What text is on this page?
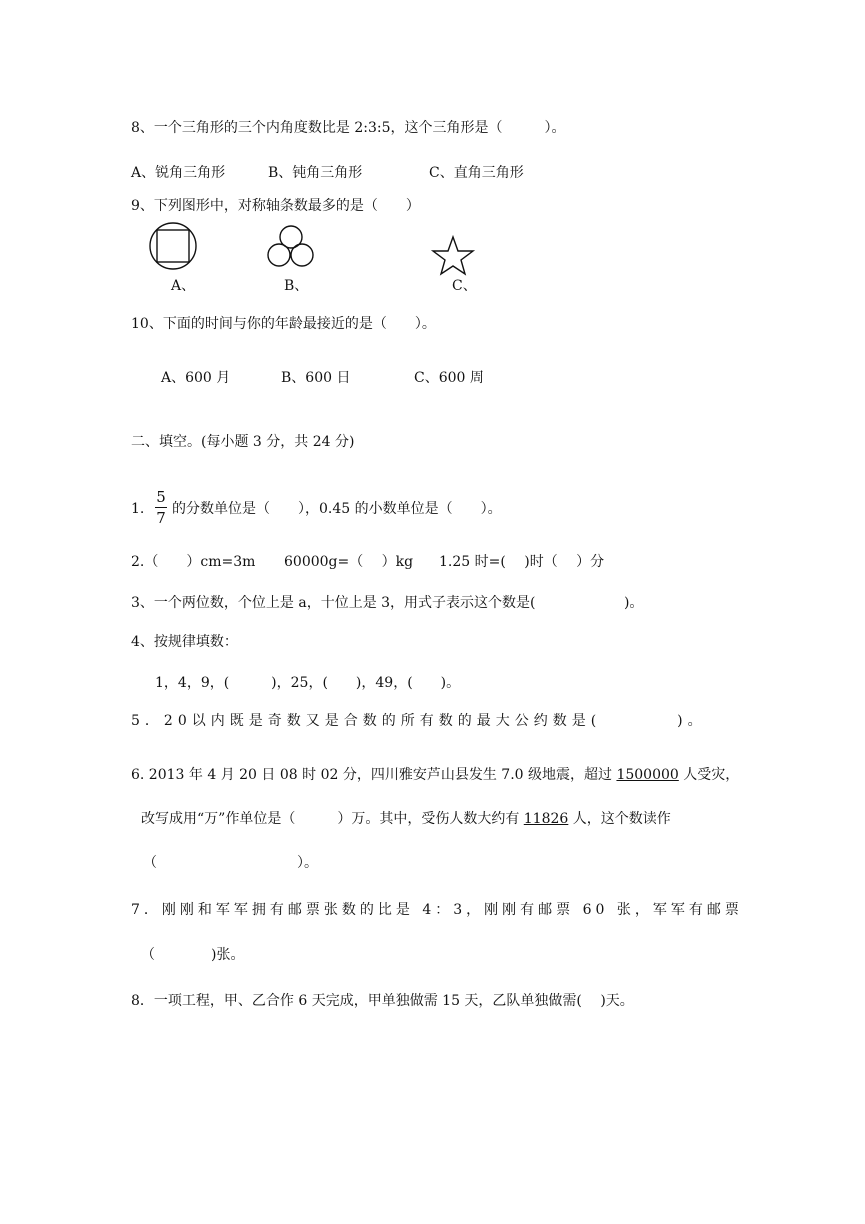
8、一个三角形的三个内角度数比是 2:3:5，这个三角形是（　　　）。
A、锐角三角形	B、钝角三角形	C、直角三角形
9、下列图形中，对称轴条数最多的是（　　）
A、	B、	C、
10、下面的时间与你的年龄最接近的是（　　）。
A、600 月	B、600 日	C、600 周
二、填空。(每小题 3 分，共 24 分)
1.
5
7 的分数单位是（　　），0.45 的小数单位是（　　）。
2.（　　）cm=3m 60000g=（　 ）kg 1.25 时=(　 )时（　 ）分
3、一个两位数，个位上是 a，十位上是 3，用式子表示这个数是(　　　　　　 )。
4、按规律填数：
1，4，9，(　　　)，25，(　　)，49，(　　)。
5．20以内既是奇数又是合数的所有数的最大公约数是(　　　　)。
6. 2013 年 4 月 20 日 08 时 02 分，四川雅安芦山县发生 7.0 级地震，超过 1500000 人受灾，
改写成用“万”作单位是（　　　）万。其中，受伤人数大约有 11826 人，这个数读作
（　　　　　　　　　　）。
7．刚刚和军军拥有邮票张数的比是 4：3，刚刚有邮票 60 张，军军有邮票
（　　　　)张。
8．一项工程，甲、乙合作 6 天完成，甲单独做需 15 天，乙队单独做需(　 )天。
